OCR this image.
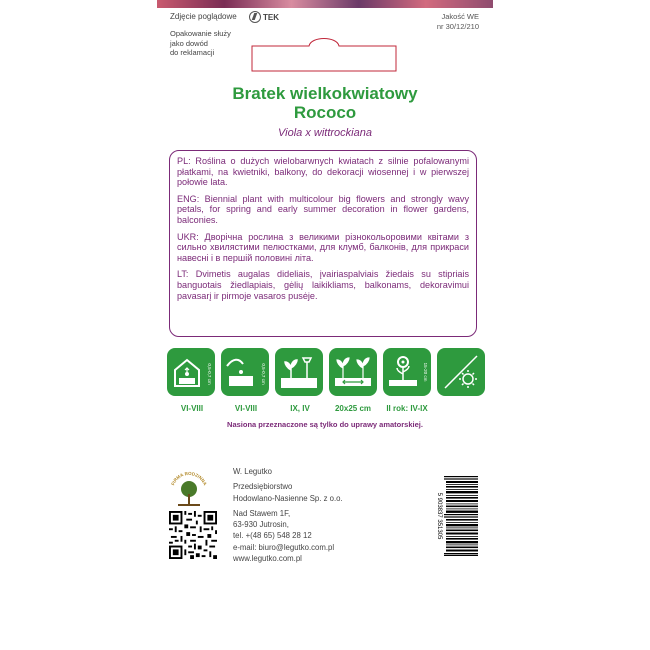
Zdjęcie poglądowe	TEK	Jakość WE
nr 30/12/210
Opakowanie służy
jako dowód
do reklamacji
Bratek wielkokwiatowy
Rococo
Viola x wittrockiana

PL: Roślina o dużych wielobarwnych kwiatach z silnie pofalowanymi płatkami, na kwietniki, balkony, do dekoracji wiosennej i w pierwszej połowie lata.

ENG: Biennial plant with multicolour big flowers and strongly wavy petals, for spring and early summer decoration in flower gardens, balconies.

UKR: Дворічна рослина з великими різнокольоровими квітами з сильно хвилястими пелюстками, для клумб, балконів, для прикраси навесні і в першій половині літа.

LT: Dvimetis augalas dideliais, įvairiaspalviais žiedais su stipriais banguotais žiedlapiais, gėlių laikikliams, balkonams, dekoravimui pavasarį ir pirmoje vasaros pusėje.

0,5-0,7 cm	0,5-0,7 cm	15-20 cm
VI-VIII	VI-VIII	IX, IV	20x25 cm	II rok: IV-IX
Nasiona przeznaczone są tylko do uprawy amatorskiej.
FIRMA RODZINNA
W. Legutko
Przedsiębiorstwo
Hodowlano-Nasienne Sp. z o.o.
Nad Stawem 1F,
63-930 Jutrosin,
tel. +(48 65) 548 28 12
e-mail: biuro@legutko.com.pl
www.legutko.com.pl
5 903837 351305
